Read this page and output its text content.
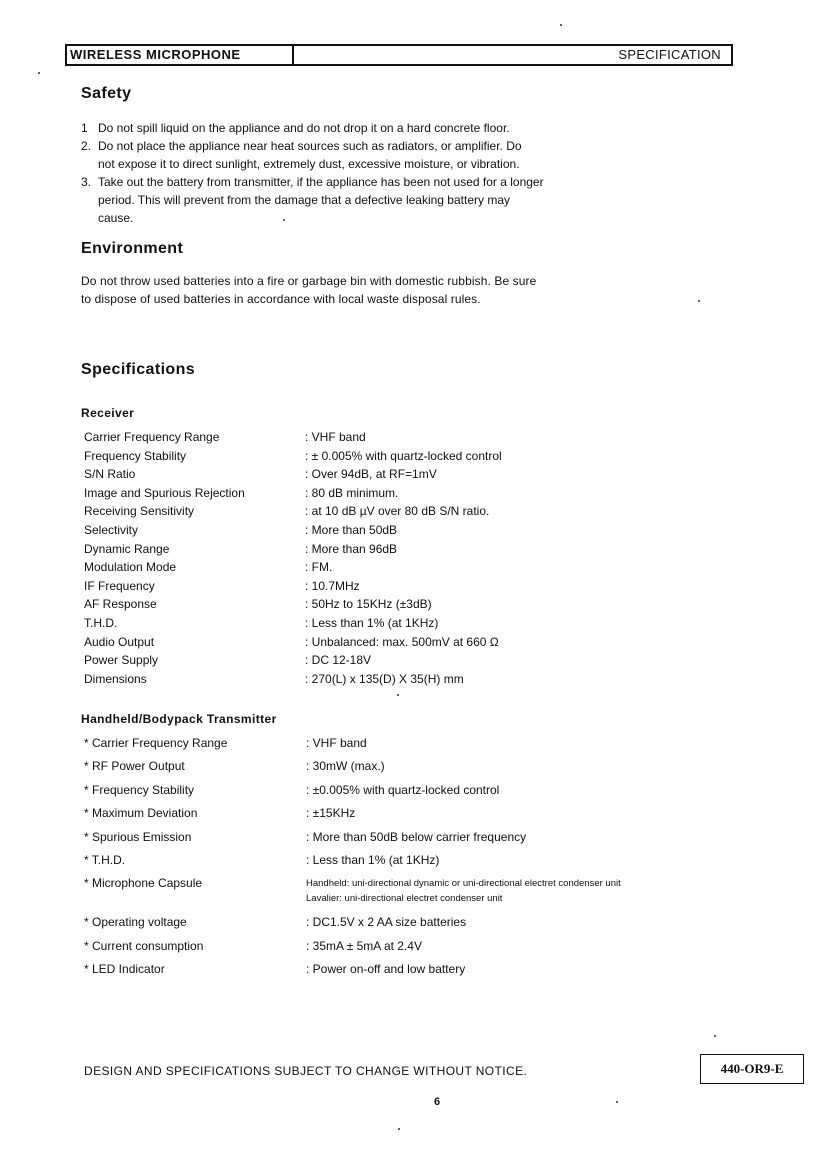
WIRELESS MICROPHONE	SPECIFICATION
Safety
1 Do not spill liquid on the appliance and do not drop it on a hard concrete floor.
2. Do not place the appliance near heat sources such as radiators, or amplifier. Do
not expose it to direct sunlight, extremely dust, excessive moisture, or vibration.
3. Take out the battery from transmitter, if the appliance has been not used for a longer
period. This will prevent from the damage that a defective leaking battery may
cause.
Environment
Do not throw used batteries into a fire or garbage bin with domestic rubbish. Be sure
to dispose of used batteries in accordance with local waste disposal rules.
Specifications
Receiver
Carrier Frequency Range	: VHF band
Frequency Stability	: ± 0.005% with quartz-locked control
S/N Ratio	: Over 94dB, at RF=1mV
Image and Spurious Rejection	: 80 dB minimum.
Receiving Sensitivity	: at 10 dB µV over 80 dB S/N ratio.
Selectivity	: More than 50dB
Dynamic Range	: More than 96dB
Modulation Mode	: FM.
IF Frequency	: 10.7MHz
AF Response	: 50Hz to 15KHz (±3dB)
T.H.D.	: Less than 1% (at 1KHz)
Audio Output	: Unbalanced: max. 500mV at 660 Ω
Power Supply	: DC 12-18V
Dimensions	: 270(L) x 135(D) X 35(H) mm
Handheld/Bodypack Transmitter
* Carrier Frequency Range	: VHF band
* RF Power Output	: 30mW (max.)
* Frequency Stability	: ±0.005% with quartz-locked control
* Maximum Deviation	: ±15KHz
* Spurious Emission	: More than 50dB below carrier frequency
* T.H.D.	: Less than 1% (at 1KHz)
* Microphone Capsule	Handheld: uni-directional dynamic or uni-directional electret condenser unit
Lavalier: uni-directional electret condenser unit
* Operating voltage	: DC1.5V x 2 AA size batteries
* Current consumption	: 35mA ± 5mA at 2.4V
* LED Indicator	: Power on-off and low battery
DESIGN AND SPECIFICATIONS SUBJECT TO CHANGE WITHOUT NOTICE.	440-OR9-E
6
